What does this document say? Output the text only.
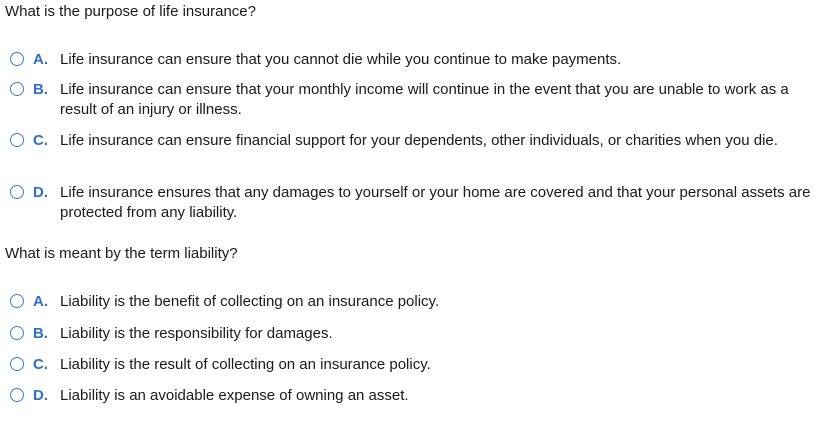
What is the purpose of life insurance?
A. Life insurance can ensure that you cannot die while you continue to make payments.
B. Life insurance can ensure that your monthly income will continue in the event that you are unable to work as a result of an injury or illness.
C. Life insurance can ensure financial support for your dependents, other individuals, or charities when you die.
D. Life insurance ensures that any damages to yourself or your home are covered and that your personal assets are protected from any liability.
What is meant by the term liability?
A. Liability is the benefit of collecting on an insurance policy.
B. Liability is the responsibility for damages.
C. Liability is the result of collecting on an insurance policy.
D. Liability is an avoidable expense of owning an asset.
